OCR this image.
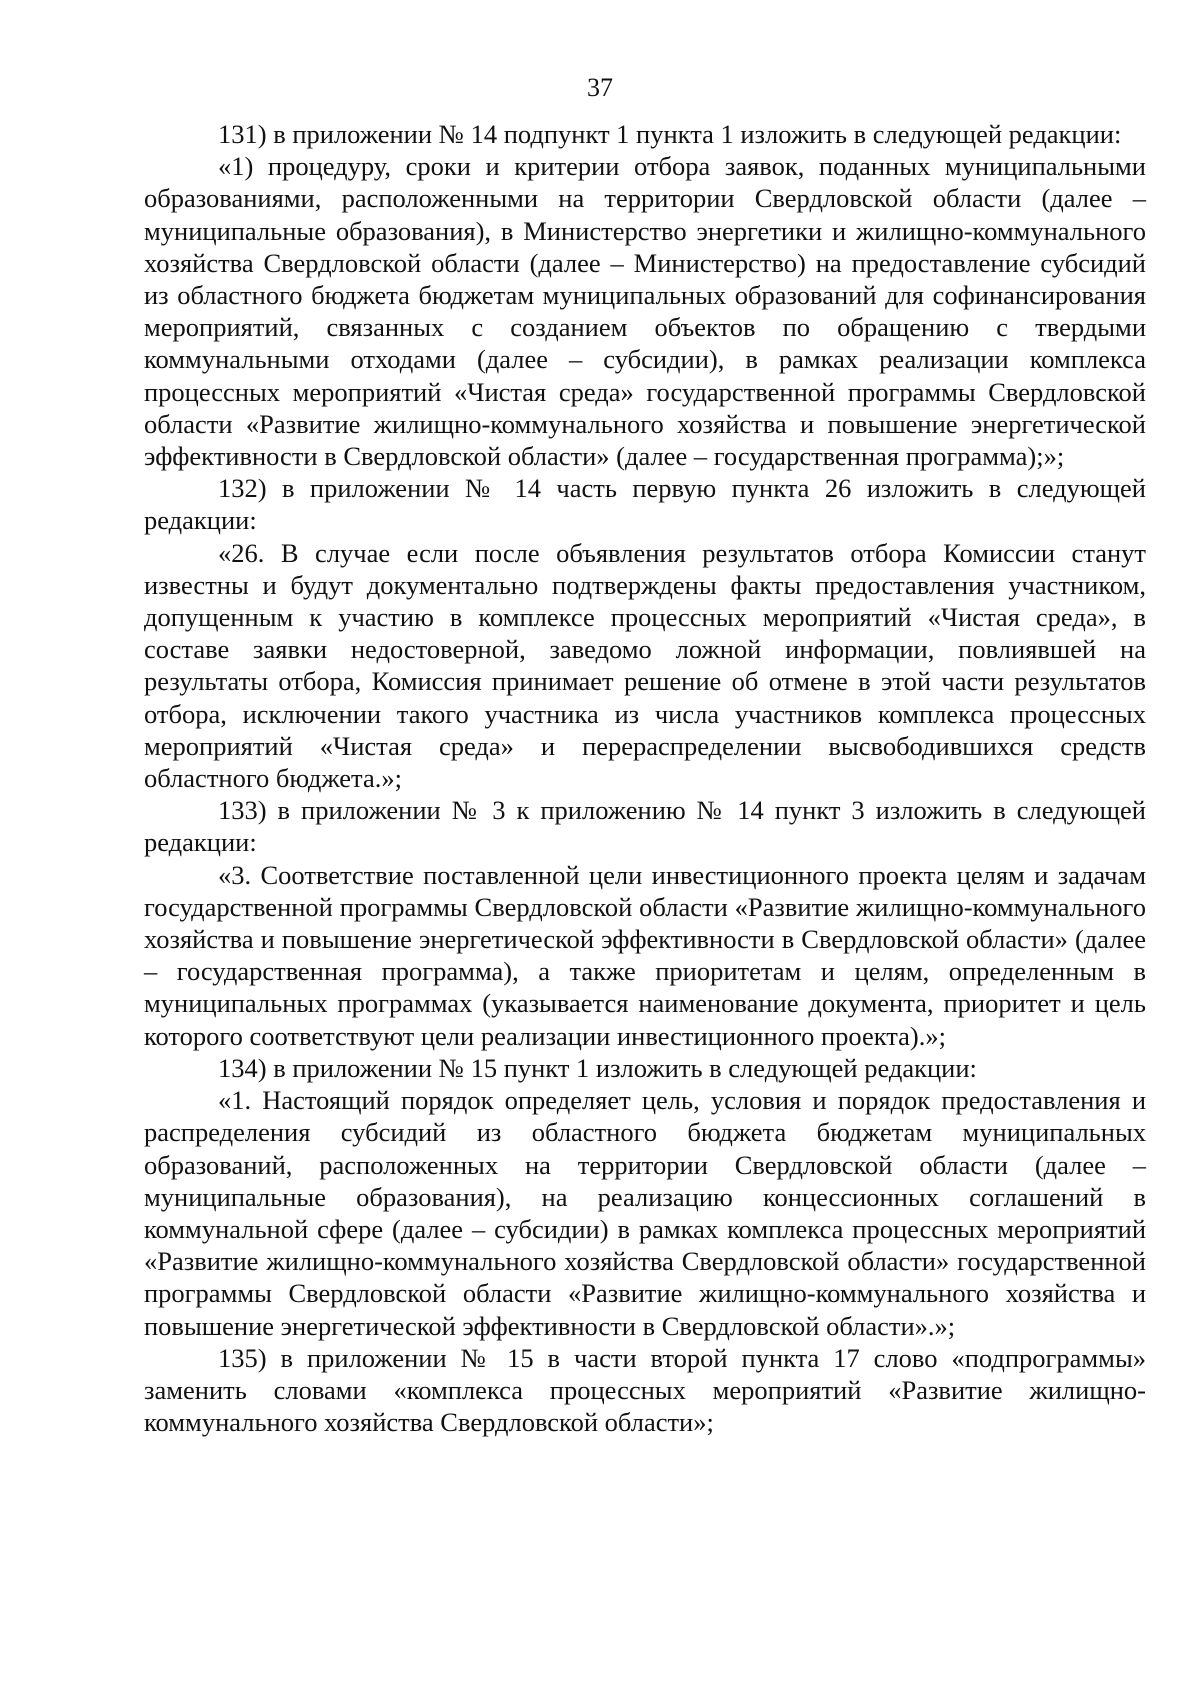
37

131) в приложении № 14 подпункт 1 пункта 1 изложить в следующей редакции:

«1) процедуру, сроки и критерии отбора заявок, поданных муниципальными образованиями, расположенными на территории Свердловской области (далее – муниципальные образования), в Министерство энергетики и жилищно-коммунального хозяйства Свердловской области (далее – Министерство) на предоставление субсидий из областного бюджета бюджетам муниципальных образований для софинансирования мероприятий, связанных с созданием объектов по обращению с твердыми коммунальными отходами (далее – субсидии), в рамках реализации комплекса процессных мероприятий «Чистая среда» государственной программы Свердловской области «Развитие жилищно-коммунального хозяйства и повышение энергетической эффективности в Свердловской области» (далее – государственная программа);»;

132) в приложении № 14 часть первую пункта 26 изложить в следующей редакции:

«26. В случае если после объявления результатов отбора Комиссии станут известны и будут документально подтверждены факты предоставления участником, допущенным к участию в комплексе процессных мероприятий «Чистая среда», в составе заявки недостоверной, заведомо ложной информации, повлиявшей на результаты отбора, Комиссия принимает решение об отмене в этой части результатов отбора, исключении такого участника из числа участников комплекса процессных мероприятий «Чистая среда» и перераспределении высвободившихся средств областного бюджета.»;

133) в приложении № 3 к приложению № 14 пункт 3 изложить в следующей редакции:

«3. Соответствие поставленной цели инвестиционного проекта целям и задачам государственной программы Свердловской области «Развитие жилищно-коммунального хозяйства и повышение энергетической эффективности в Свердловской области» (далее – государственная программа), а также приоритетам и целям, определенным в муниципальных программах (указывается наименование документа, приоритет и цель которого соответствуют цели реализации инвестиционного проекта).»;

134) в приложении № 15 пункт 1 изложить в следующей редакции:

«1. Настоящий порядок определяет цель, условия и порядок предоставления и распределения субсидий из областного бюджета бюджетам муниципальных образований, расположенных на территории Свердловской области (далее – муниципальные образования), на реализацию концессионных соглашений в коммунальной сфере (далее – субсидии) в рамках комплекса процессных мероприятий «Развитие жилищно-коммунального хозяйства Свердловской области» государственной программы Свердловской области «Развитие жилищно-коммунального хозяйства и повышение энергетической эффективности в Свердловской области».»;

135) в приложении № 15 в части второй пункта 17 слово «подпрограммы» заменить словами «комплекса процессных мероприятий «Развитие жилищно-коммунального хозяйства Свердловской области»;
